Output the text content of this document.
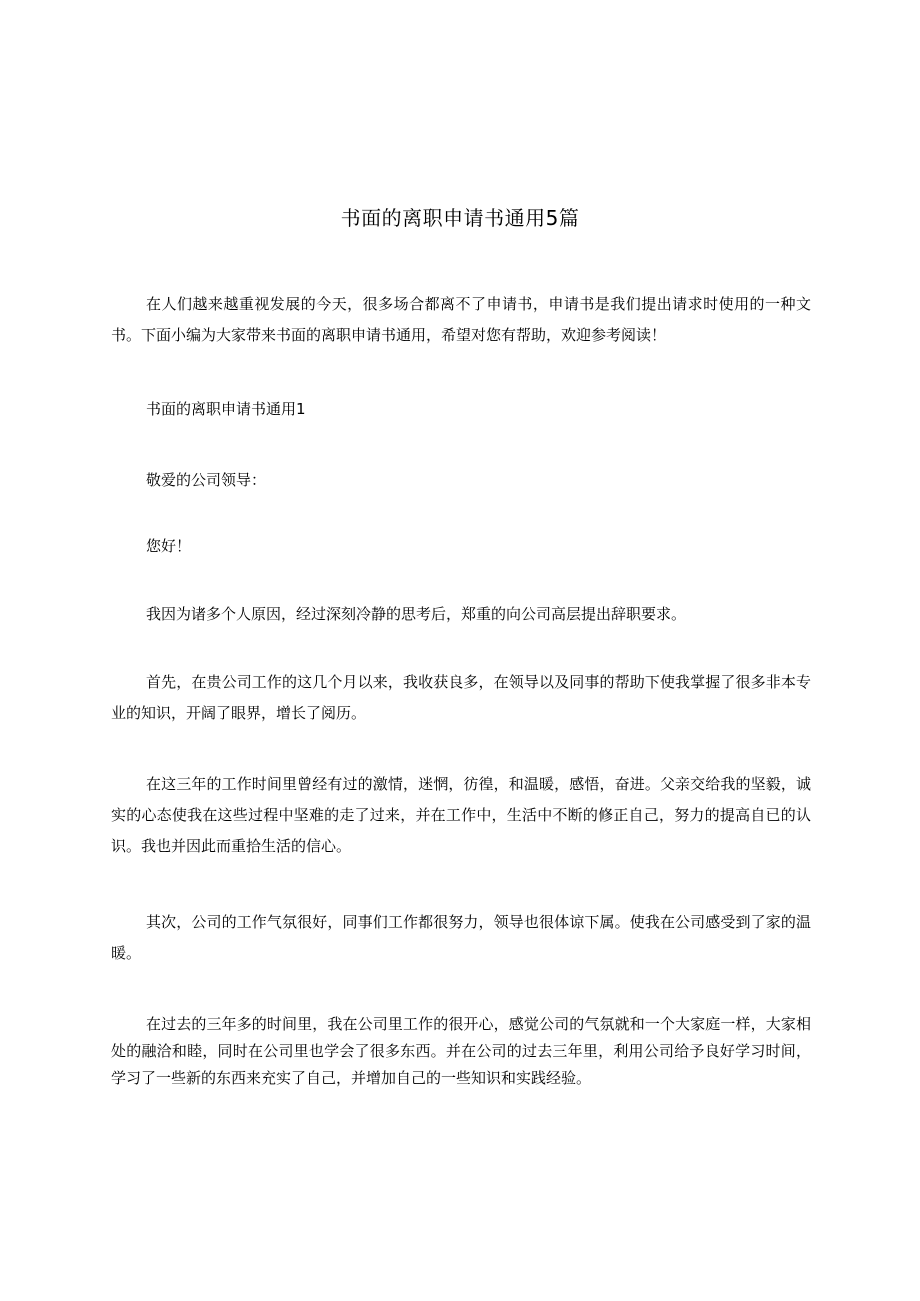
书面的离职申请书通用5篇

在人们越来越重视发展的今天，很多场合都离不了申请书，申请书是我们提出请求时使用的一种文书。下面小编为大家带来书面的离职申请书通用，希望对您有帮助，欢迎参考阅读！

书面的离职申请书通用1

敬爱的公司领导：

您好！

我因为诸多个人原因，经过深刻冷静的思考后，郑重的向公司高层提出辞职要求。

首先，在贵公司工作的这几个月以来，我收获良多，在领导以及同事的帮助下使我掌握了很多非本专业的知识，开阔了眼界，增长了阅历。

在这三年的工作时间里曾经有过的激情，迷惘，彷徨，和温暖，感悟，奋进。父亲交给我的坚毅，诚实的心态使我在这些过程中坚难的走了过来，并在工作中，生活中不断的修正自己，努力的提高自已的认识。我也并因此而重拾生活的信心。

其次，公司的工作气氛很好，同事们工作都很努力，领导也很体谅下属。使我在公司感受到了家的温暖。

在过去的三年多的时间里，我在公司里工作的很开心，感觉公司的气氛就和一个大家庭一样，大家相处的融洽和睦，同时在公司里也学会了很多东西。并在公司的过去三年里，利用公司给予良好学习时间，学习了一些新的东西来充实了自己，并增加自己的一些知识和实践经验。
